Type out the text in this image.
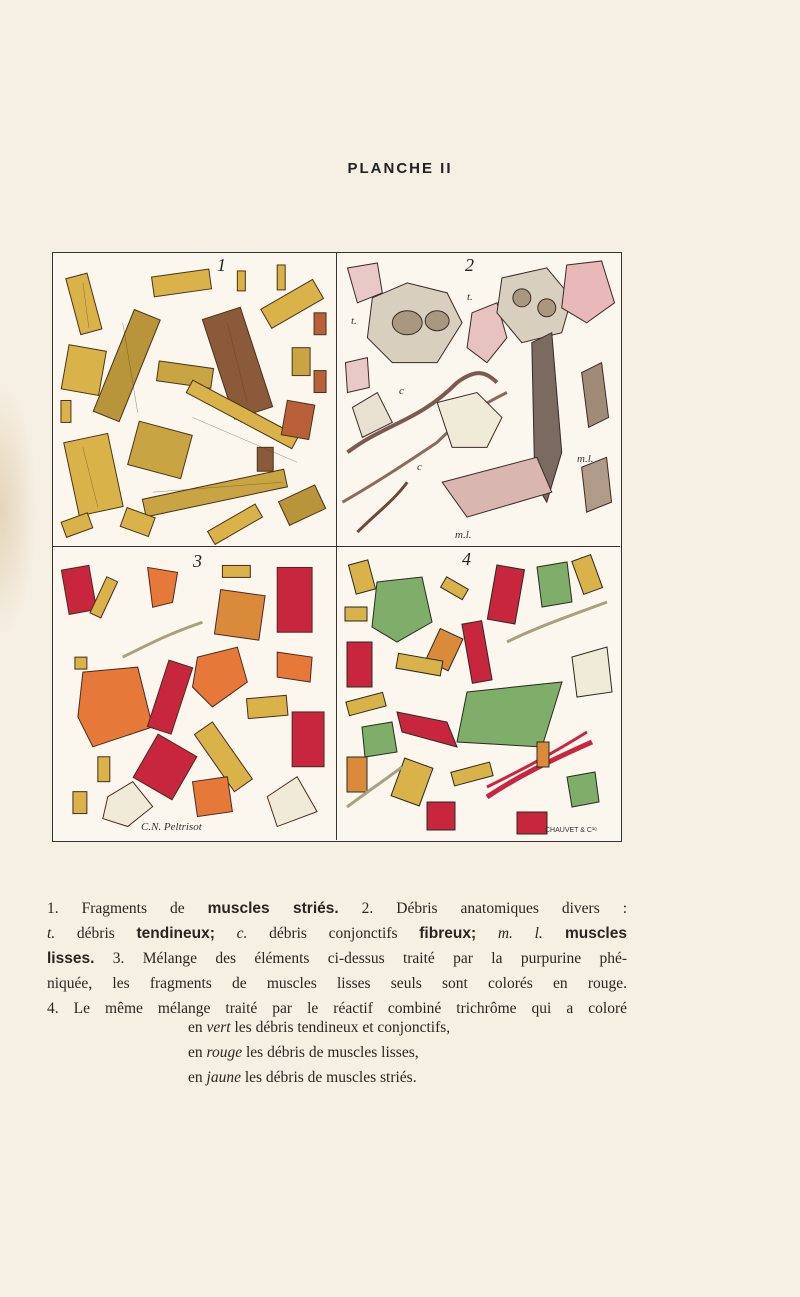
PLANCHE II
1	2
t.
t.
c
c
m.l.
m.l.
3
C.N. Peltrisot
4
CHAUVET & C¹ᵉ
1. Fragments de muscles striés. 2. Débris anatomiques divers :
t. débris tendineux; c. débris conjonctifs fibreux; m. l. muscles
lisses. 3. Mélange des éléments ci-dessus traité par la purpurine phé-
niquée, les fragments de muscles lisses seuls sont colorés en rouge.
4. Le même mélange traité par le réactif combiné trichrôme qui a coloré
en vert les débris tendineux et conjonctifs,
en rouge les débris de muscles lisses,
en jaune les débris de muscles striés.
